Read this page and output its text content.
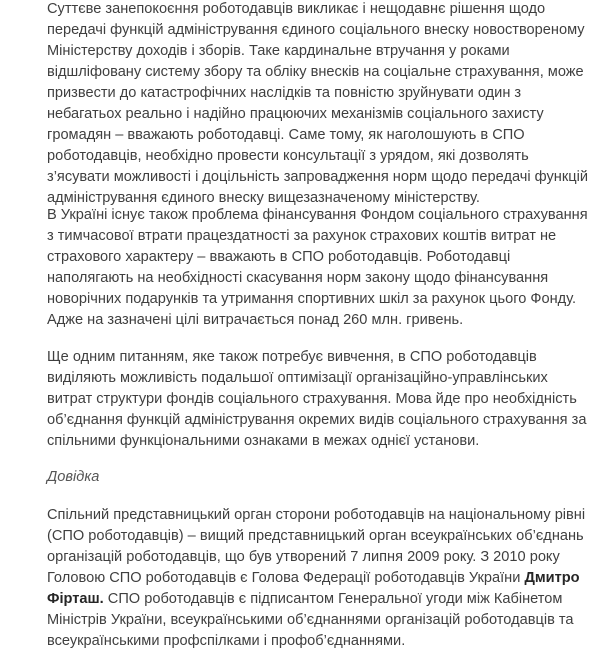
Суттєве занепокоєння роботодавців викликає і нещодавнє рішення щодо передачі функцій адміністрування єдиного соціального внеску новоствореному Міністерству доходів і зборів. Таке кардинальне втручання у роками відшліфовану систему збору та обліку внесків на соціальне страхування, може призвести до катастрофічних наслідків та повністю зруйнувати один з небагатьох реально і надійно працюючих механізмів соціального захисту громадян – вважають роботодавці. Саме тому, як наголошують в СПО роботодавців, необхідно провести консультації з урядом, які дозволять з’ясувати можливості і доцільність запровадження норм щодо передачі функцій адміністрування єдиного внеску вищезазначеному міністерству.

В Україні існує також проблема фінансування Фондом соціального страхування з тимчасової втрати працездатності за рахунок страхових коштів витрат не страхового характеру – вважають в СПО роботодавців. Роботодавці наполягають на необхідності скасування норм закону щодо фінансування новорічних подарунків та утримання спортивних шкіл за рахунок цього Фонду. Адже на зазначені цілі витрачається понад 260 млн. гривень.

Ще одним питанням, яке також потребує вивчення, в СПО роботодавців виділяють можливість подальшої оптимізації організаційно-управлінських витрат структури фондів соціального страхування. Мова йде про необхідність об’єднання функцій адміністрування окремих видів соціального страхування за спільними функціональними ознаками в межах однієї установи.

Довідка

Спільний представницький орган сторони роботодавців на національному рівні (СПО роботодавців) – вищий представницький орган всеукраїнських об’єднань організацій роботодавців, що був утворений 7 липня 2009 року. З 2010 року Головою СПО роботодавців є Голова Федерації роботодавців України Дмитро Фірташ. СПО роботодавців є підписантом Генеральної угоди між Кабінетом Міністрів України, всеукраїнськими об’єднаннями організацій роботодавців та всеукраїнськими профспілками і профоб’єднаннями.
